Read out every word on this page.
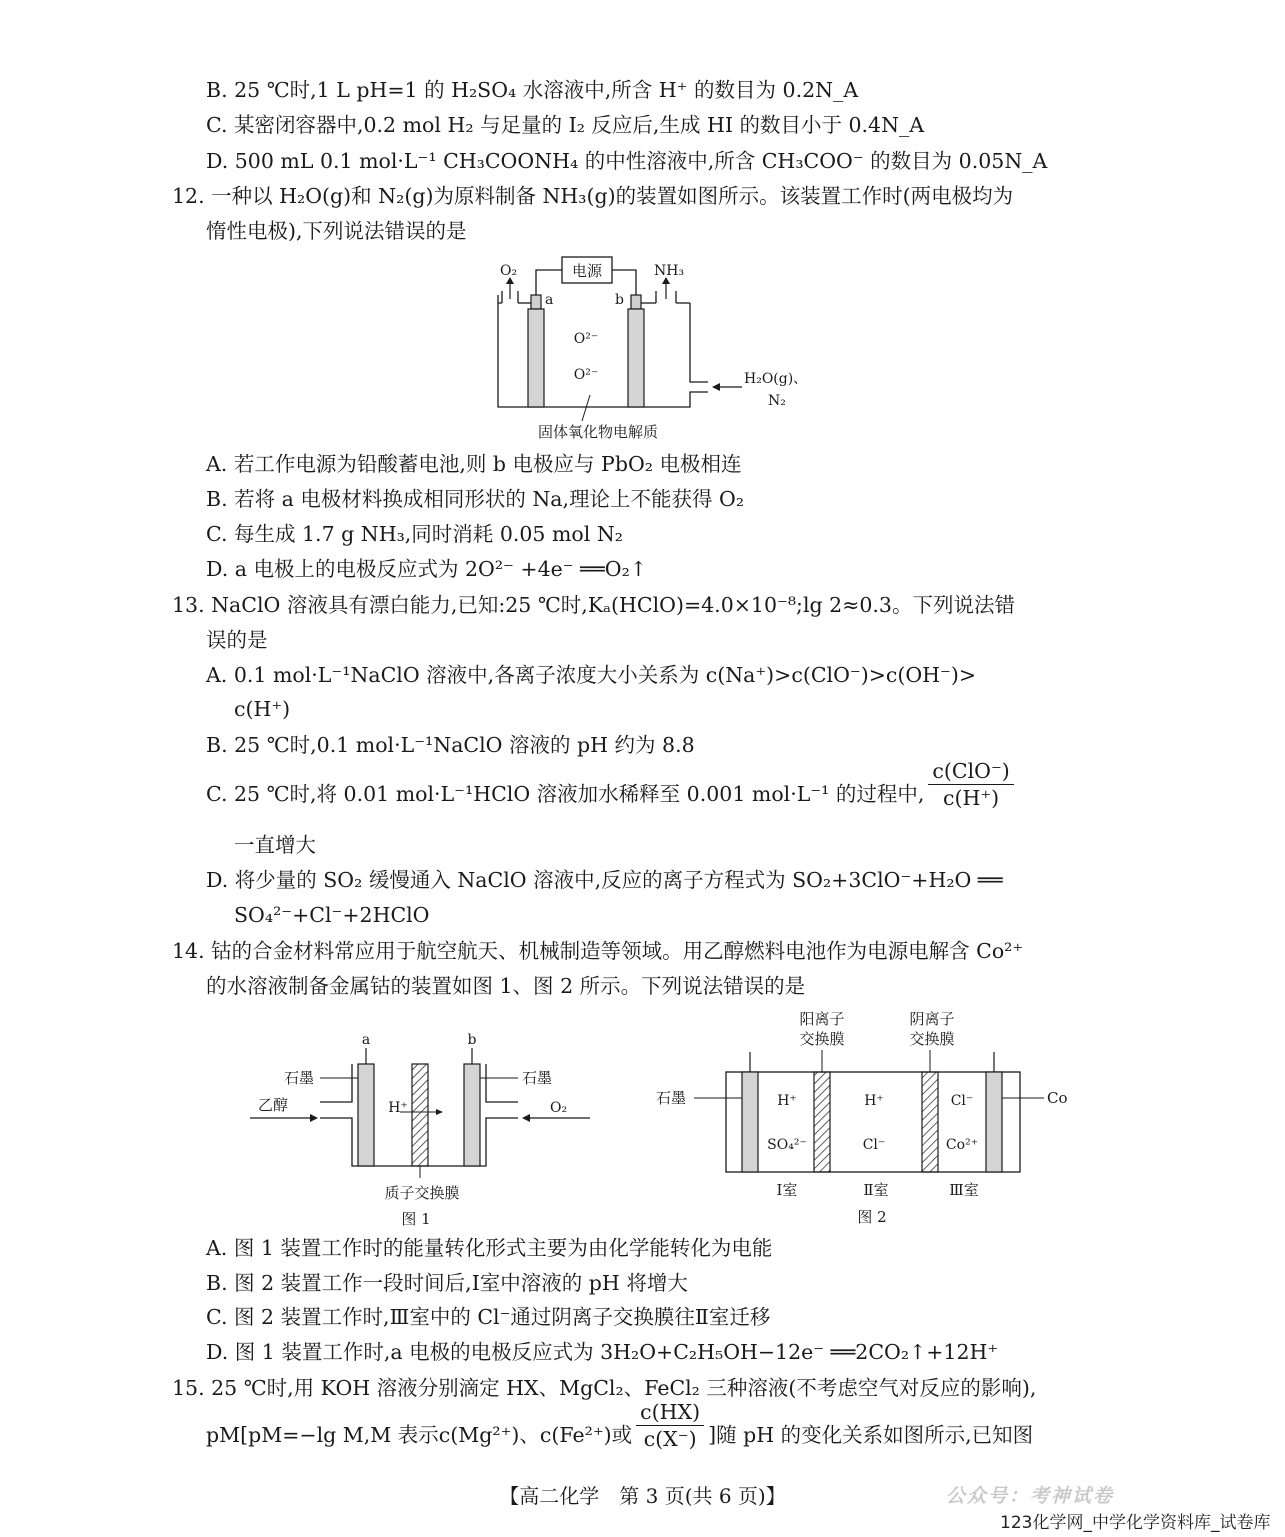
B. 25 ℃时,1 L pH=1 的 H₂SO₄ 水溶液中,所含 H⁺ 的数目为 0.2N_A
C. 某密闭容器中,0.2 mol H₂ 与足量的 I₂ 反应后,生成 HI 的数目小于 0.4N_A
D. 500 mL 0.1 mol·L⁻¹ CH₃COONH₄ 的中性溶液中,所含 CH₃COO⁻ 的数目为 0.05N_A
12. 一种以 H₂O(g)和 N₂(g)为原料制备 NH₃(g)的装置如图所示。该装置工作时(两电极均为
惰性电极),下列说法错误的是
电源
a	b
O₂	NH₃
O²⁻
O²⁻	H₂O(g)、
N₂
固体氧化物电解质
A. 若工作电源为铅酸蓄电池,则 b 电极应与 PbO₂ 电极相连
B. 若将 a 电极材料换成相同形状的 Na,理论上不能获得 O₂
C. 每生成 1.7 g NH₃,同时消耗 0.05 mol N₂
D. a 电极上的电极反应式为 2O²⁻ +4e⁻ ══O₂↑
13. NaClO 溶液具有漂白能力,已知:25 ℃时,Kₐ(HClO)=4.0×10⁻⁸;lg 2≈0.3。下列说法错
误的是
A. 0.1 mol·L⁻¹NaClO 溶液中,各离子浓度大小关系为 c(Na⁺)>c(ClO⁻)>c(OH⁻)>
c(H⁺)
B. 25 ℃时,0.1 mol·L⁻¹NaClO 溶液的 pH 约为 8.8
C. 25 ℃时,将 0.01 mol·L⁻¹HClO 溶液加水稀释至 0.001 mol·L⁻¹ 的过程中, $\frac{\text{c(ClO⁻)}}{c(H^+)}$
一直增大
D. 将少量的 SO₂ 缓慢通入 NaClO 溶液中,反应的离子方程式为 SO₂+3ClO⁻+H₂O ══
SO₄²⁻+Cl⁻+2HClO
14. 钴的合金材料常应用于航空航天、机械制造等领域。用乙醇燃料电池作为电源电解含 Co²⁺
的水溶液制备金属钴的装置如图 1、图 2 所示。下列说法错误的是
a	b
石墨	石墨
乙醇	O₂
H⁺
质子交换膜
图 1
阳离子
交换膜
阴离子
交换膜
石墨	Co
H⁺
SO₄²⁻
H⁺
Cl⁻
Cl⁻
Co²⁺
Ⅰ室	Ⅱ室	Ⅲ室
图 2
A. 图 1 装置工作时的能量转化形式主要为由化学能转化为电能
B. 图 2 装置工作一段时间后,Ⅰ室中溶液的 pH 将增大
C. 图 2 装置工作时,Ⅲ室中的 Cl⁻通过阴离子交换膜往Ⅱ室迁移
D. 图 1 装置工作时,a 电极的电极反应式为 3H₂O+C₂H₅OH−12e⁻ ══2CO₂↑+12H⁺
15. 25 ℃时,用 KOH 溶液分别滴定 HX、MgCl₂、FeCl₂ 三种溶液(不考虑空气对反应的影响),
pM[pM=−lg M,M 表示c(Mg²⁺)、c(Fe²⁺)或 $\frac{c(HX)}{c(X^-)}$ ]随 pH 的变化关系如图所示,已知图
【高二化学　第 3 页(共 6 页)】	公众号：考神试卷
123化学网_中学化学资料库_试卷库
